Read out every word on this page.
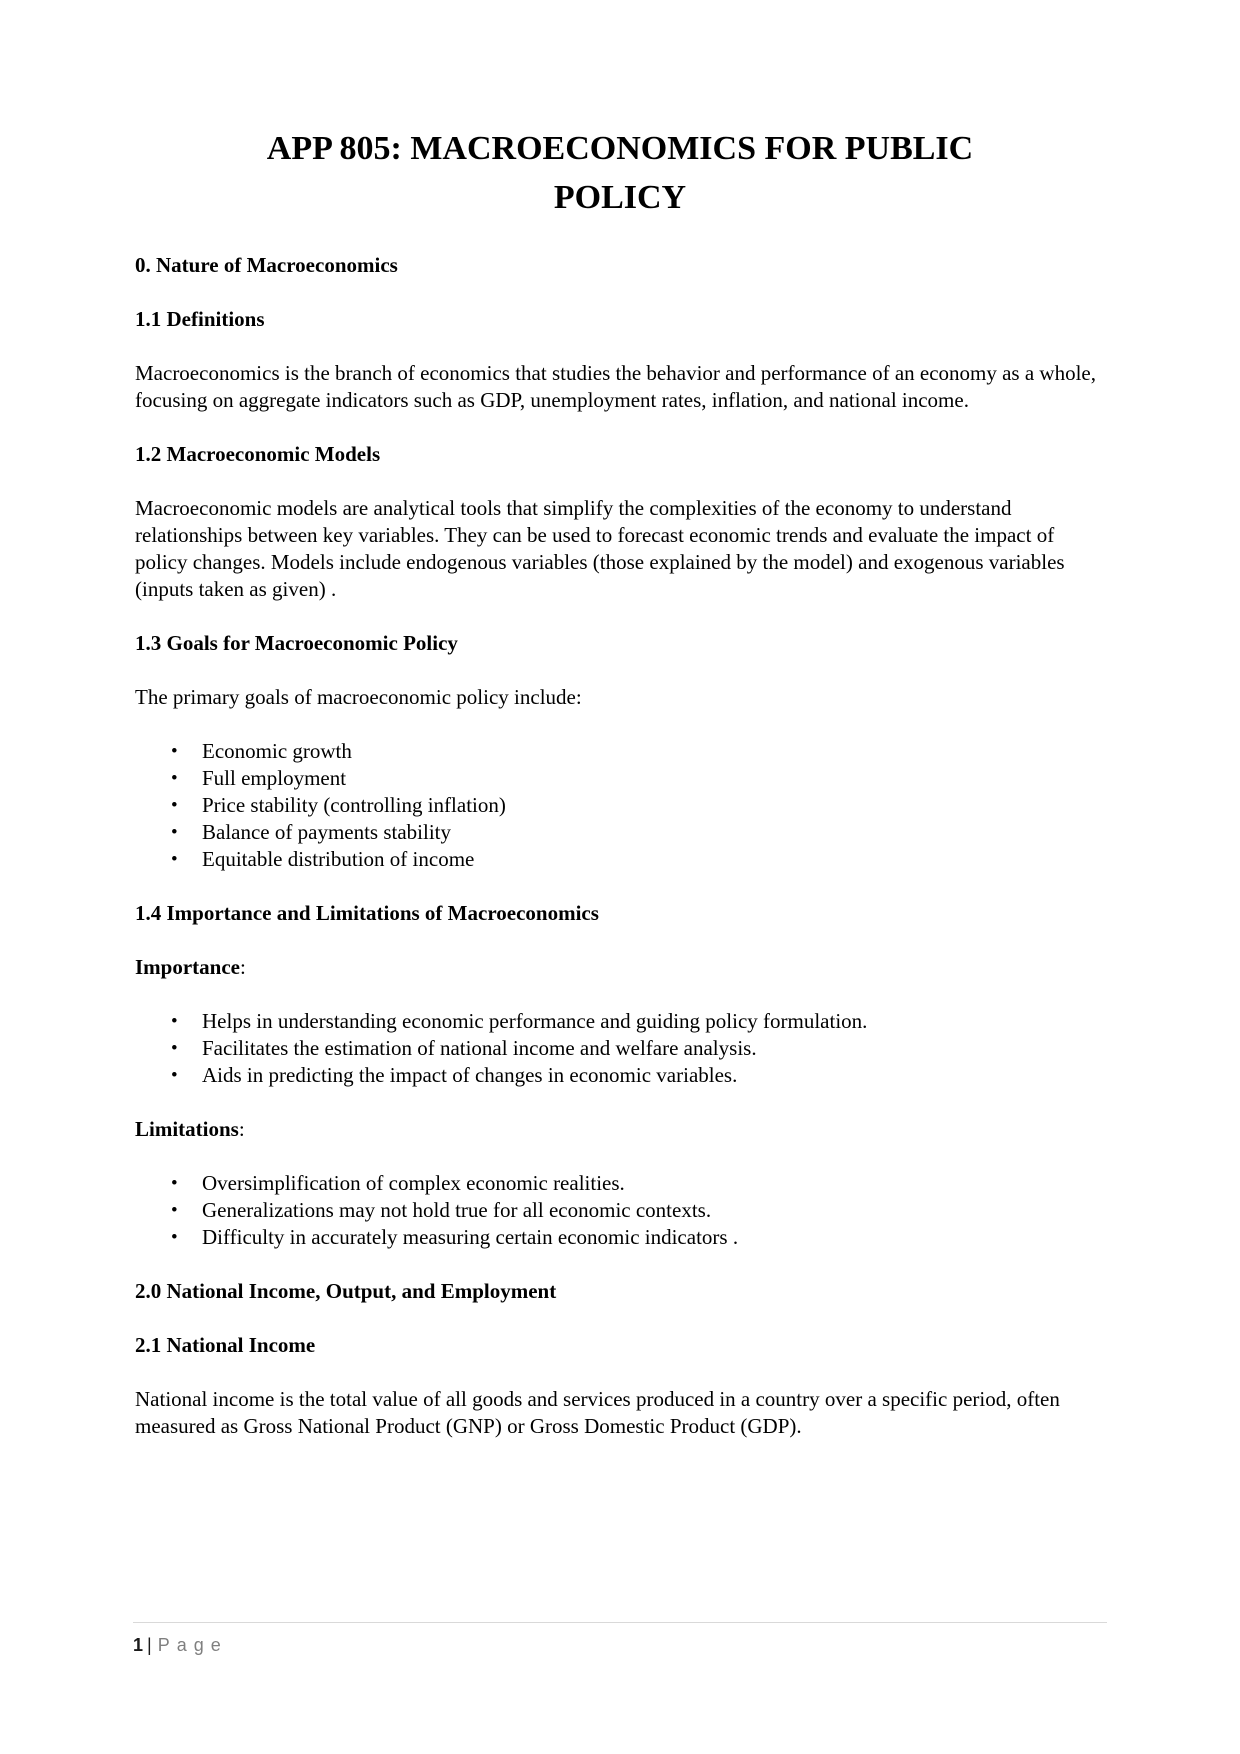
APP 805: MACROECONOMICS FOR PUBLIC POLICY
0. Nature of Macroeconomics
1.1 Definitions

Macroeconomics is the branch of economics that studies the behavior and performance of an economy as a whole, focusing on aggregate indicators such as GDP, unemployment rates, inflation, and national income.

1.2 Macroeconomic Models

Macroeconomic models are analytical tools that simplify the complexities of the economy to understand relationships between key variables. They can be used to forecast economic trends and evaluate the impact of policy changes. Models include endogenous variables (those explained by the model) and exogenous variables (inputs taken as given) .

1.3 Goals for Macroeconomic Policy

The primary goals of macroeconomic policy include:

• Economic growth
• Full employment
• Price stability (controlling inflation)
• Balance of payments stability
• Equitable distribution of income
1.4 Importance and Limitations of Macroeconomics

Importance:

• Helps in understanding economic performance and guiding policy formulation.
• Facilitates the estimation of national income and welfare analysis.
• Aids in predicting the impact of changes in economic variables.

Limitations:

• Oversimplification of complex economic realities.
• Generalizations may not hold true for all economic contexts.
• Difficulty in accurately measuring certain economic indicators .
2.0 National Income, Output, and Employment
2.1 National Income

National income is the total value of all goods and services produced in a country over a specific period, often measured as Gross National Product (GNP) or Gross Domestic Product (GDP).

1 | Page
